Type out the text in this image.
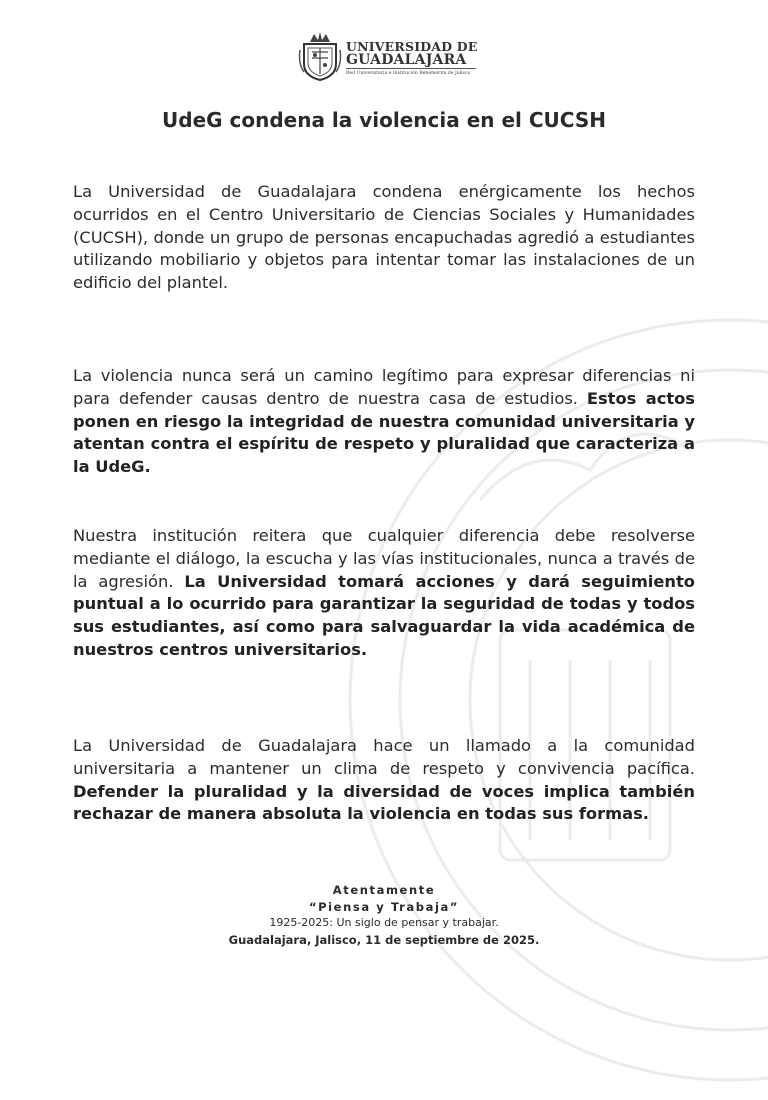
UNIVERSIDAD DE
GUADALAJARA
Red Universitaria e Institución Benemérita de Jalisco
UdeG condena la violencia en el CUCSH

La Universidad de Guadalajara condena enérgicamente los hechos ocurridos en el Centro Universitario de Ciencias Sociales y Humanidades (CUCSH), donde un grupo de personas encapuchadas agredió a estudiantes utilizando mobiliario y objetos para intentar tomar las instalaciones de un edificio del plantel.

La violencia nunca será un camino legítimo para expresar diferencias ni para defender causas dentro de nuestra casa de estudios. Estos actos ponen en riesgo la integridad de nuestra comunidad universitaria y atentan contra el espíritu de respeto y pluralidad que caracteriza a la UdeG.

Nuestra institución reitera que cualquier diferencia debe resolverse mediante el diálogo, la escucha y las vías institucionales, nunca a través de la agresión. La Universidad tomará acciones y dará seguimiento puntual a lo ocurrido para garantizar la seguridad de todas y todos sus estudiantes, así como para salvaguardar la vida académica de nuestros centros universitarios.

La Universidad de Guadalajara hace un llamado a la comunidad universitaria a mantener un clima de respeto y convivencia pacífica. Defender la pluralidad y la diversidad de voces implica también rechazar de manera absoluta la violencia en todas sus formas.

Atentamente
“Piensa y Trabaja”
1925-2025: Un siglo de pensar y trabajar.
Guadalajara, Jalisco, 11 de septiembre de 2025.
